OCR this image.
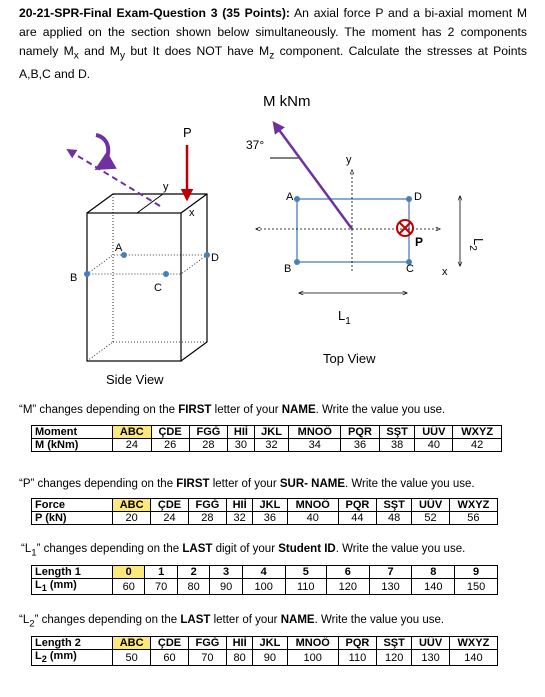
20-21-SPR-Final Exam-Question 3 (35 Points): An axial force P and a bi-axial moment M are applied on the section shown below simultaneously. The moment has 2 components namely $M_x$ and $M_y$ but It does NOT have $M_z$ component. Calculate the stresses at Points A,B,C and D.
P
y
x
A
B
C
D
Side View
M kNm
37°
y
x
A	D
B	C
P
$L_1$
$L_2$
Top View
“M” changes depending on the FIRST letter of your NAME. Write the value you use.
Moment	ABC	ÇDE	FGĞ	HIİ	JKL	MNOÖ	PQR	SŞT	UÜV	WXYZ
M (kNm)	24	26	28	30	32	34	36	38	40	42
“P” changes depending on the FIRST letter of your SUR- NAME. Write the value you use.
Force	ABC	ÇDE	FGĞ	HIİ	JKL	MNOÖ	PQR	SŞT	UÜV	WXYZ
P (kN)	20	24	28	32	36	40	44	48	52	56
“$L_1$” changes depending on the LAST digit of your Student ID. Write the value you use.
Length 1	0	1	2	3	4	5	6	7	8	9
$L_1$ (mm)	60	70	80	90	100	110	120	130	140	150
“$L_2$” changes depending on the LAST letter of your NAME. Write the value you use.
Length 2	ABC	ÇDE	FGĞ	HIİ	JKL	MNOÖ	PQR	SŞT	UÜV	WXYZ
$L_2$ (mm)	50	60	70	80	90	100	110	120	130	140
